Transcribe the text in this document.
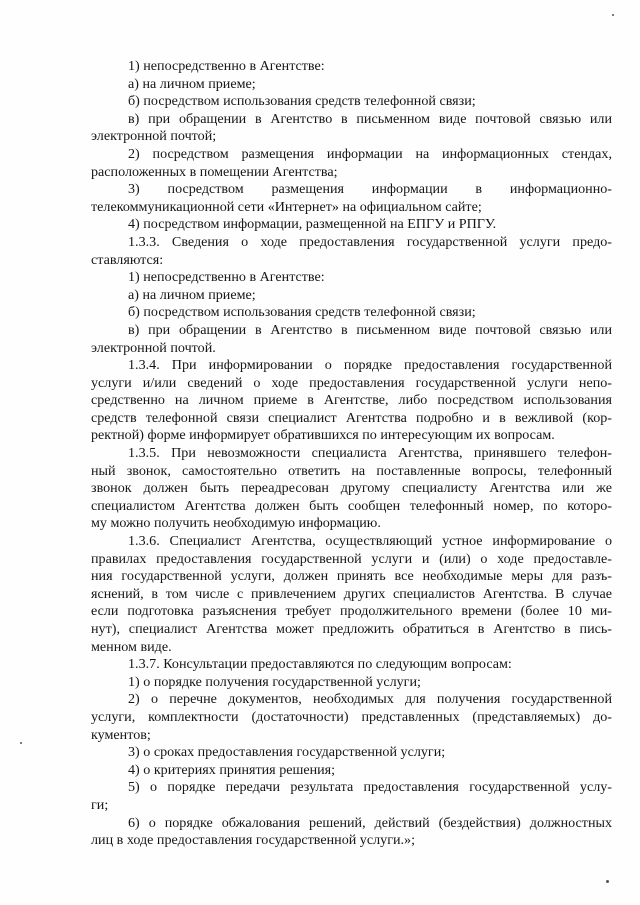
1) непосредственно в Агентстве:
а) на личном приеме;
б) посредством использования средств телефонной связи;
в) при обращении в Агентство в письменном виде почтовой связью или
электронной почтой;
2) посредством размещения информации на информационных стендах,
расположенных в помещении Агентства;
3) посредством размещения информации в информационно-
телекоммуникационной сети «Интернет» на официальном сайте;
4) посредством информации, размещенной на ЕПГУ и РПГУ.
1.3.3. Сведения о ходе предоставления государственной услуги предо-
ставляются:
1) непосредственно в Агентстве:
а) на личном приеме;
б) посредством использования средств телефонной связи;
в) при обращении в Агентство в письменном виде почтовой связью или
электронной почтой.
1.3.4. При информировании о порядке предоставления государственной
услуги и/или сведений о ходе предоставления государственной услуги непо-
средственно на личном приеме в Агентстве, либо посредством использования
средств телефонной связи специалист Агентства подробно и в вежливой (кор-
ректной) форме информирует обратившихся по интересующим их вопросам.
1.3.5. При невозможности специалиста Агентства, принявшего телефон-
ный звонок, самостоятельно ответить на поставленные вопросы, телефонный
звонок должен быть переадресован другому специалисту Агентства или же
специалистом Агентства должен быть сообщен телефонный номер, по которо-
му можно получить необходимую информацию.
1.3.6. Специалист Агентства, осуществляющий устное информирование о
правилах предоставления государственной услуги и (или) о ходе предоставле-
ния государственной услуги, должен принять все необходимые меры для разъ-
яснений, в том числе с привлечением других специалистов Агентства. В случае
если подготовка разъяснения требует продолжительного времени (более 10 ми-
нут), специалист Агентства может предложить обратиться в Агентство в пись-
менном виде.
1.3.7. Консультации предоставляются по следующим вопросам:
1) о порядке получения государственной услуги;
2) о перечне документов, необходимых для получения государственной
услуги, комплектности (достаточности) представленных (представляемых) до-
кументов;
3) о сроках предоставления государственной услуги;
4) о критериях принятия решения;
5) о порядке передачи результата предоставления государственной услу-
ги;
6) о порядке обжалования решений, действий (бездействия) должностных
лиц в ходе предоставления государственной услуги.»;
